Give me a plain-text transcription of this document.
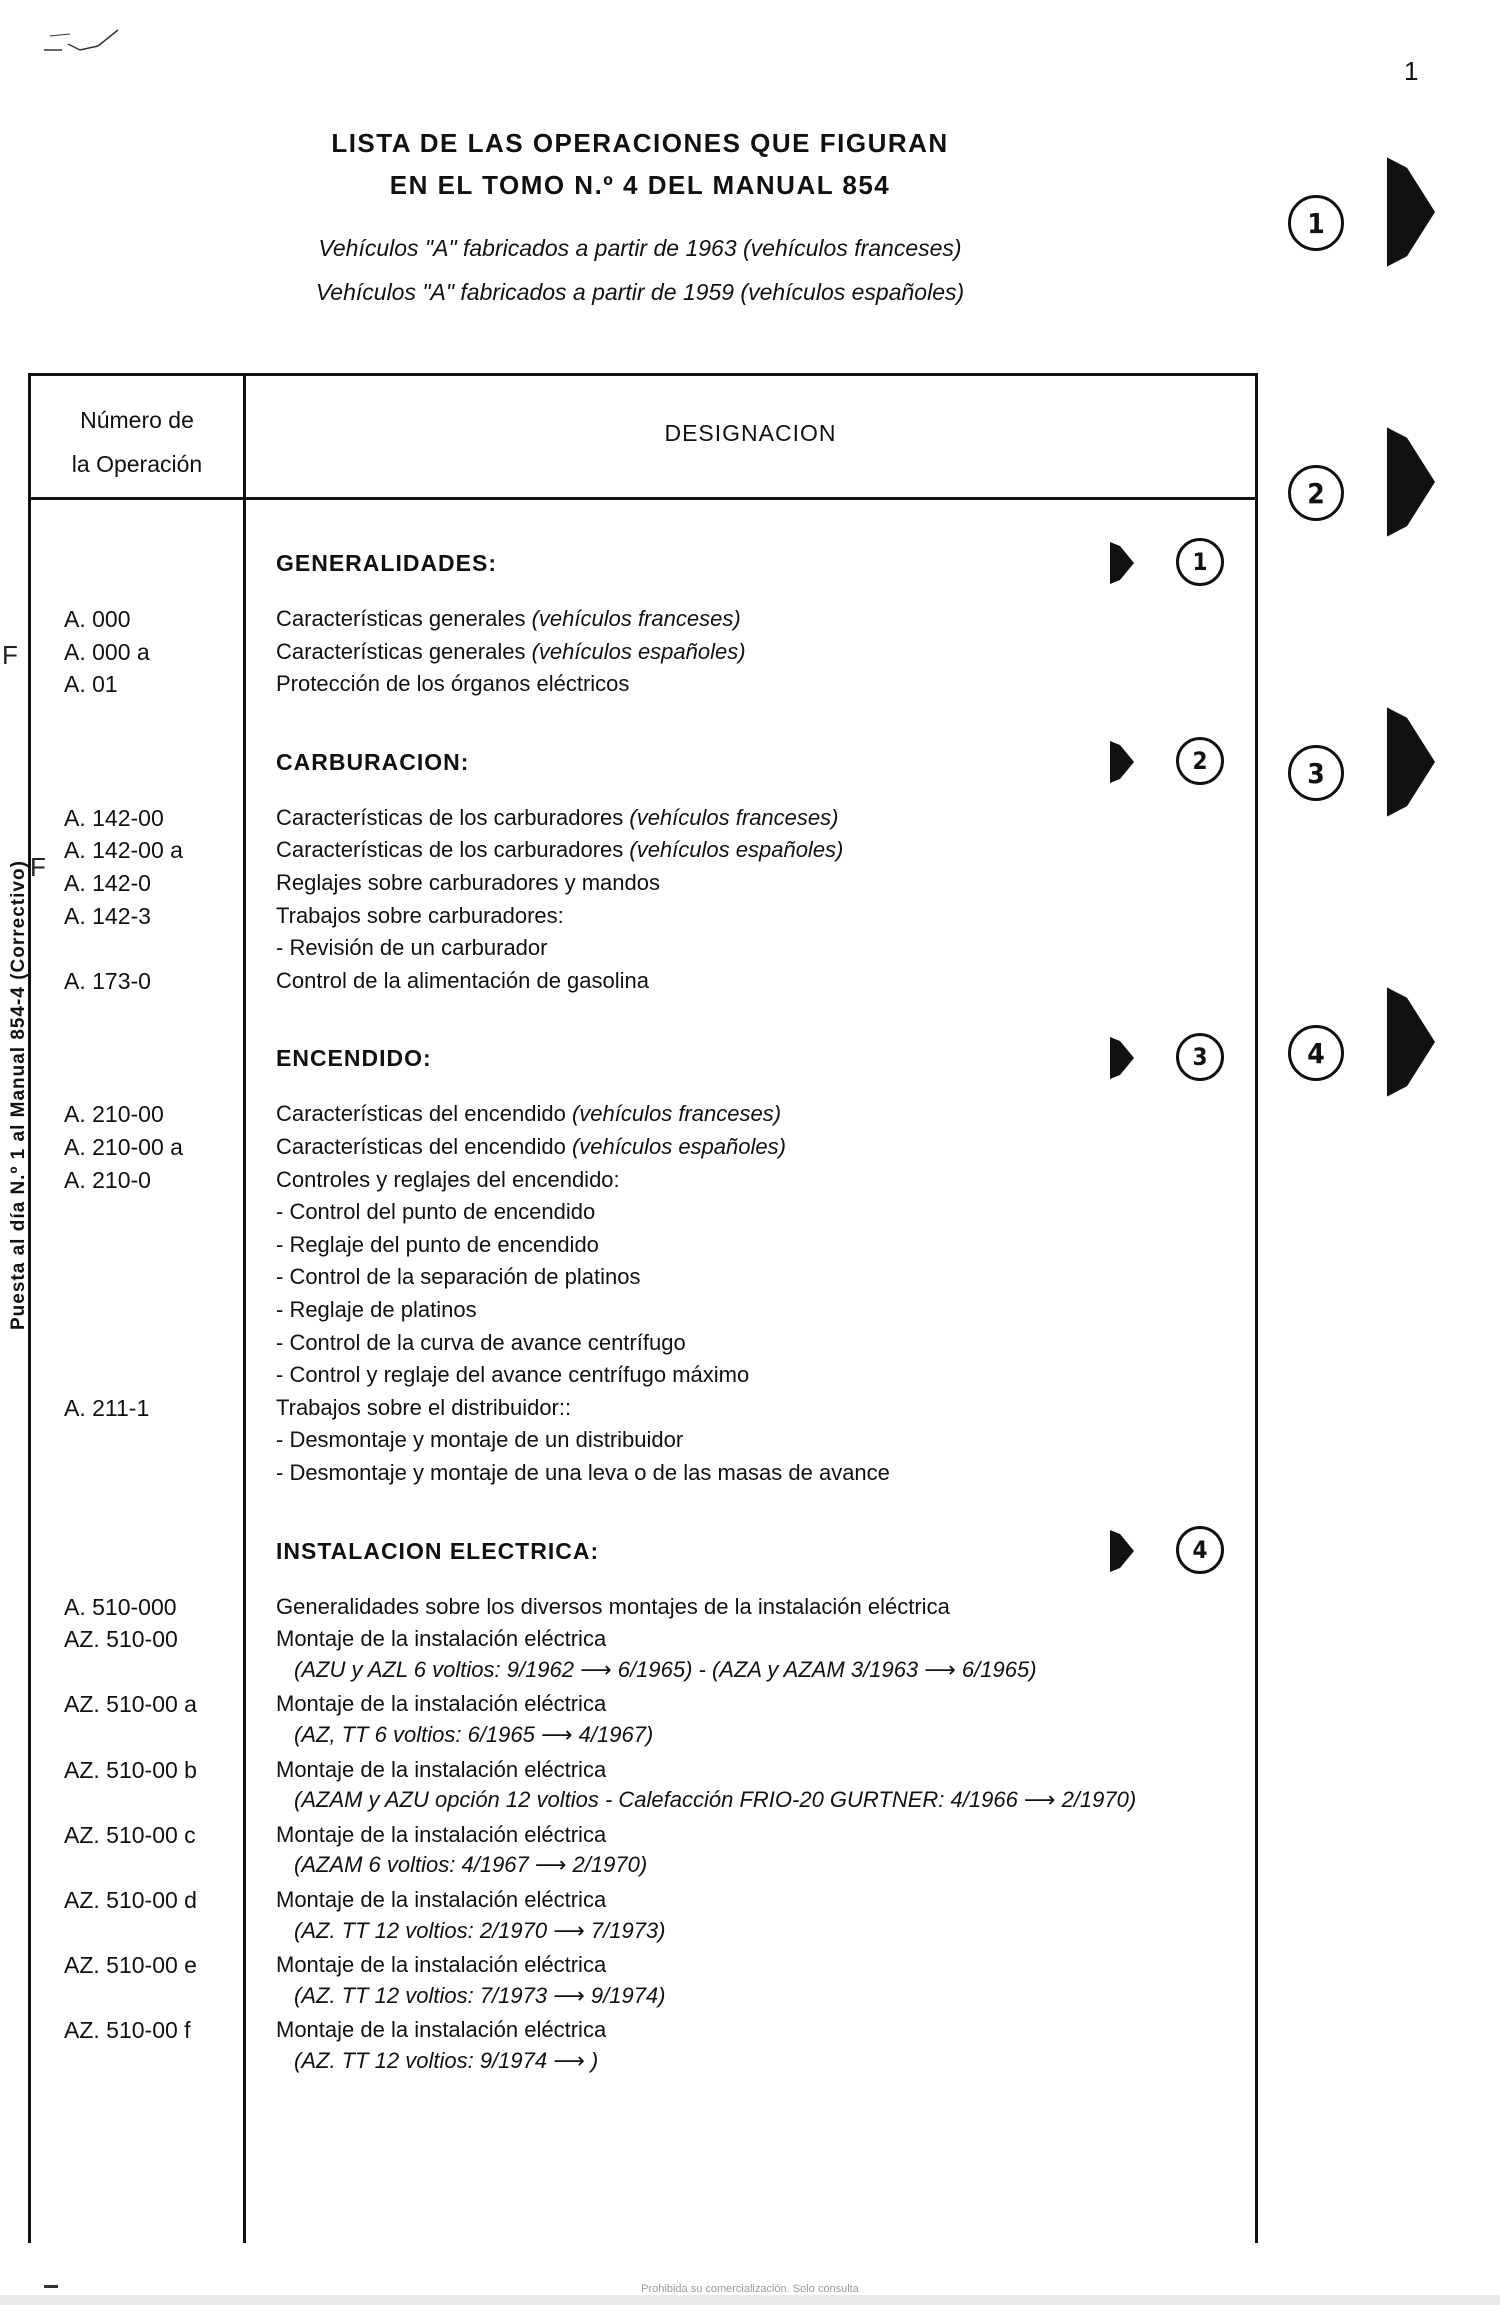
1
LISTA DE LAS OPERACIONES QUE FIGURAN
EN EL TOMO N.º 4 DEL MANUAL 854
Vehículos "A" fabricados a partir de 1963 (vehículos franceses)
Vehículos "A" fabricados a partir de 1959 (vehículos españoles)
Puesta al día N.º 1 al Manual 854-4 (Correctivo)
F
F
1
2
3
4
Número de
la Operación	DESIGNACION

GENERALIDADES:	1
A. 000	Características generales (vehículos franceses)
A. 000 a	Características generales (vehículos españoles)
A. 01	Protección de los órganos eléctricos
CARBURACION:	2
A. 142-00	Características de los carburadores (vehículos franceses)
A. 142-00 a	Características de los carburadores (vehículos españoles)
A. 142-0	Reglajes sobre carburadores y mandos
A. 142-3	Trabajos sobre carburadores:
- Revisión de un carburador
A. 173-0	Control de la alimentación de gasolina
ENCENDIDO:	3
A. 210-00	Características del encendido (vehículos franceses)
A. 210-00 a	Características del encendido (vehículos españoles)
A. 210-0	Controles y reglajes del encendido:
- Control del punto de encendido
- Reglaje del punto de encendido
- Control de la separación de platinos
- Reglaje de platinos
- Control de la curva de avance centrífugo
- Control y reglaje del avance centrífugo máximo
A. 211-1	Trabajos sobre el distribuidor::
- Desmontaje y montaje de un distribuidor
- Desmontaje y montaje de una leva o de las masas de avance
INSTALACION ELECTRICA:	4
A. 510-000	Generalidades sobre los diversos montajes de la instalación eléctrica
AZ. 510-00	Montaje de la instalación eléctrica
(AZU y AZL 6 voltios: 9/1962 ⟶ 6/1965) - (AZA y AZAM 3/1963 ⟶ 6/1965)
AZ. 510-00 a	Montaje de la instalación eléctrica
(AZ, TT 6 voltios: 6/1965 ⟶ 4/1967)
AZ. 510-00 b	Montaje de la instalación eléctrica
(AZAM y AZU opción 12 voltios - Calefacción FRIO-20 GURTNER: 4/1966 ⟶ 2/1970)
AZ. 510-00 c	Montaje de la instalación eléctrica
(AZAM 6 voltios: 4/1967 ⟶ 2/1970)
AZ. 510-00 d	Montaje de la instalación eléctrica
(AZ. TT 12 voltios: 2/1970 ⟶ 7/1973)
AZ. 510-00 e	Montaje de la instalación eléctrica
(AZ. TT 12 voltios: 7/1973 ⟶ 9/1974)
AZ. 510-00 f	Montaje de la instalación eléctrica
(AZ. TT 12 voltios: 9/1974 ⟶ )
Prohibida su comercialización. Solo consulta
